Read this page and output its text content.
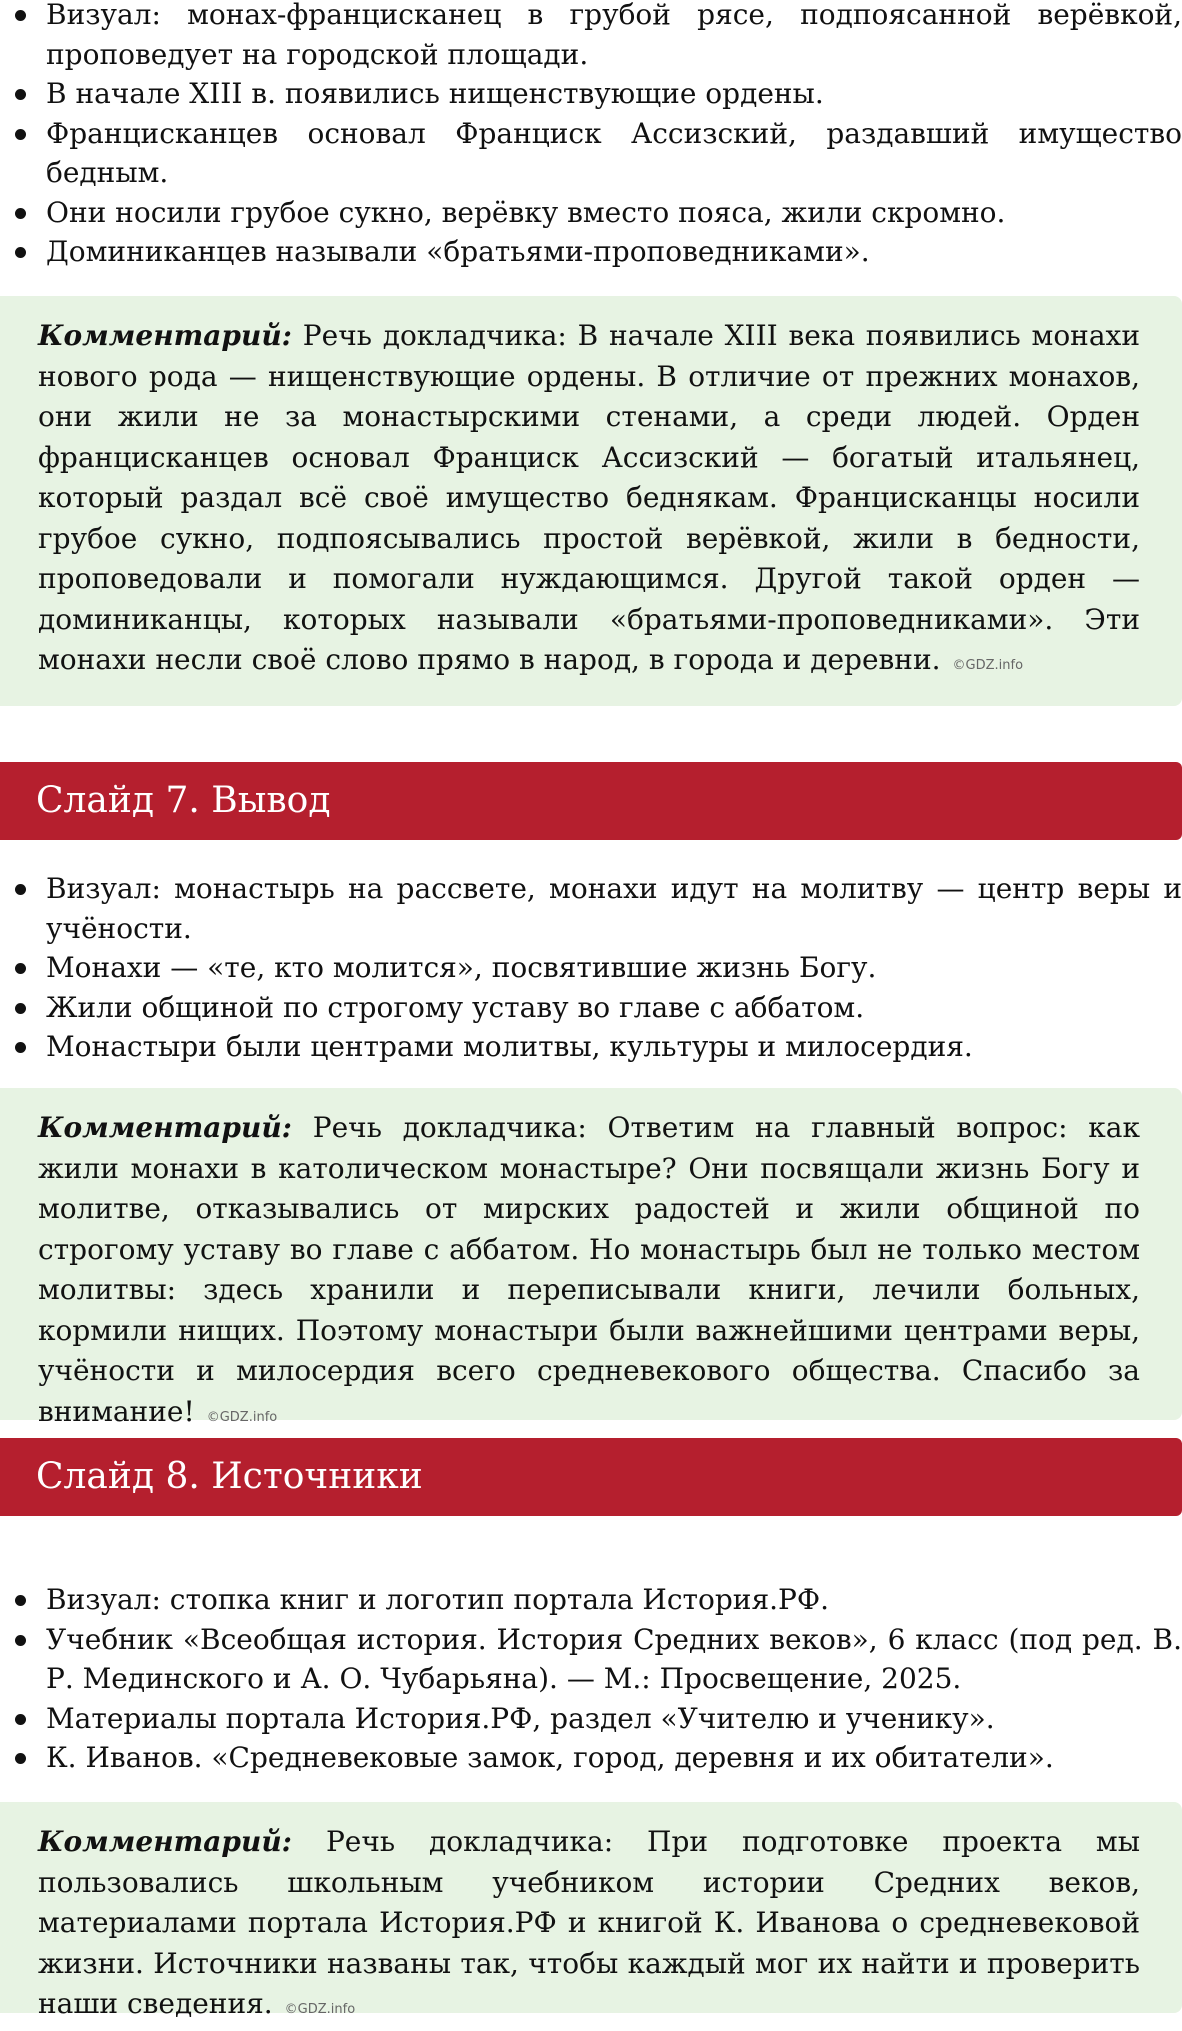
Визуал: монах-францисканец в грубой рясе, подпоясанной верёвкой, проповедует на городской площади.
В начале XIII в. появились нищенствующие ордены.
Францисканцев основал Франциск Ассизский, раздавший имущество бедным.
Они носили грубое сукно, верёвку вместо пояса, жили скромно.
Доминиканцев называли «братьями-проповедниками».

Комментарий: Речь докладчика: В начале XIII века появились монахи нового рода — нищенствующие ордены. В отличие от прежних монахов, они жили не за монастырскими стенами, а среди людей. Орден францисканцев основал Франциск Ассизский — богатый итальянец, который раздал всё своё имущество беднякам. Францисканцы носили грубое сукно, подпоясывались простой верёвкой, жили в бедности, проповедовали и помогали нуждающимся. Другой такой орден — доминиканцы, которых называли «братьями-проповедниками». Эти монахи несли своё слово прямо в народ, в города и деревни. ©GDZ.info

Слайд 7. Вывод
Визуал: монастырь на рассвете, монахи идут на молитву — центр веры и учёности.
Монахи — «те, кто молится», посвятившие жизнь Богу.
Жили общиной по строгому уставу во главе с аббатом.
Монастыри были центрами молитвы, культуры и милосердия.

Комментарий: Речь докладчика: Ответим на главный вопрос: как жили монахи в католическом монастыре? Они посвящали жизнь Богу и молитве, отказывались от мирских радостей и жили общиной по строгому уставу во главе с аббатом. Но монастырь был не только местом молитвы: здесь хранили и переписывали книги, лечили больных, кормили нищих. Поэтому монастыри были важнейшими центрами веры, учёности и милосердия всего средневекового общества. Спасибо за внимание! ©GDZ.info

Слайд 8. Источники
Визуал: стопка книг и логотип портала История.РФ.
Учебник «Всеобщая история. История Средних веков», 6 класс (под ред. В. Р. Мединского и А. О. Чубарьяна). — М.: Просвещение, 2025.
Материалы портала История.РФ, раздел «Учителю и ученику».
К. Иванов. «Средневековые замок, город, деревня и их обитатели».

Комментарий: Речь докладчика: При подготовке проекта мы пользовались школьным учебником истории Средних веков, материалами портала История.РФ и книгой К. Иванова о средневековой жизни. Источники названы так, чтобы каждый мог их найти и проверить наши сведения. ©GDZ.info
